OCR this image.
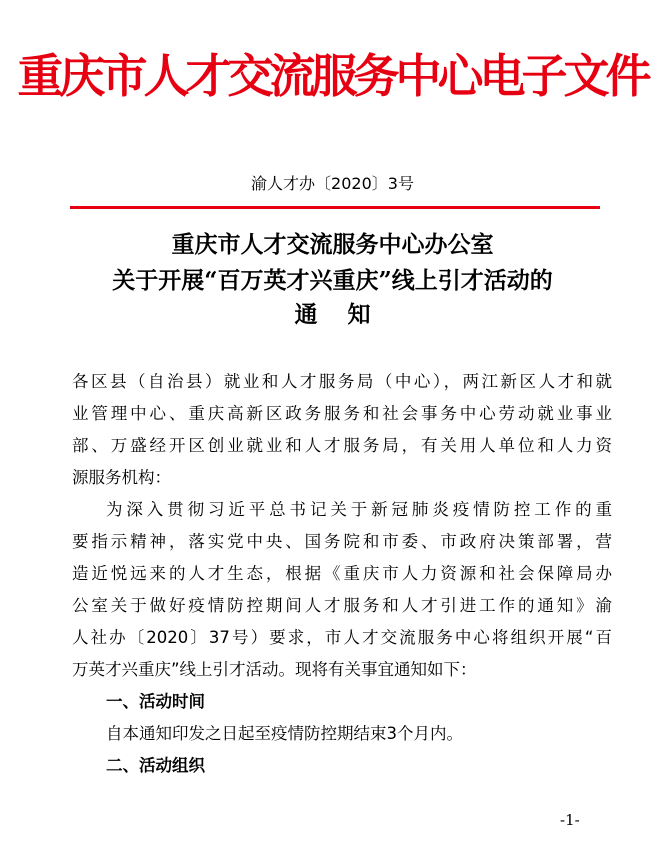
重庆市人才交流服务中心电子文件
渝人才办〔2020〕3号
重庆市人才交流服务中心办公室
关于开展“百万英才兴重庆”线上引才活动的
通知
各区县（自治县）就业和人才服务局（中心），两江新区人才和就
业管理中心、重庆高新区政务服务和社会事务中心劳动就业事业
部、万盛经开区创业就业和人才服务局，有关用人单位和人力资
源服务机构：
为深入贯彻习近平总书记关于新冠肺炎疫情防控工作的重
要指示精神，落实党中央、国务院和市委、市政府决策部署，营
造近悦远来的人才生态，根据《重庆市人力资源和社会保障局办
公室关于做好疫情防控期间人才服务和人才引进工作的通知》渝
人社办〔2020〕37号）要求，市人才交流服务中心将组织开展“百
万英才兴重庆”线上引才活动。现将有关事宜通知如下：
一、活动时间
自本通知印发之日起至疫情防控期结束3个月内。
二、活动组织
-1-
